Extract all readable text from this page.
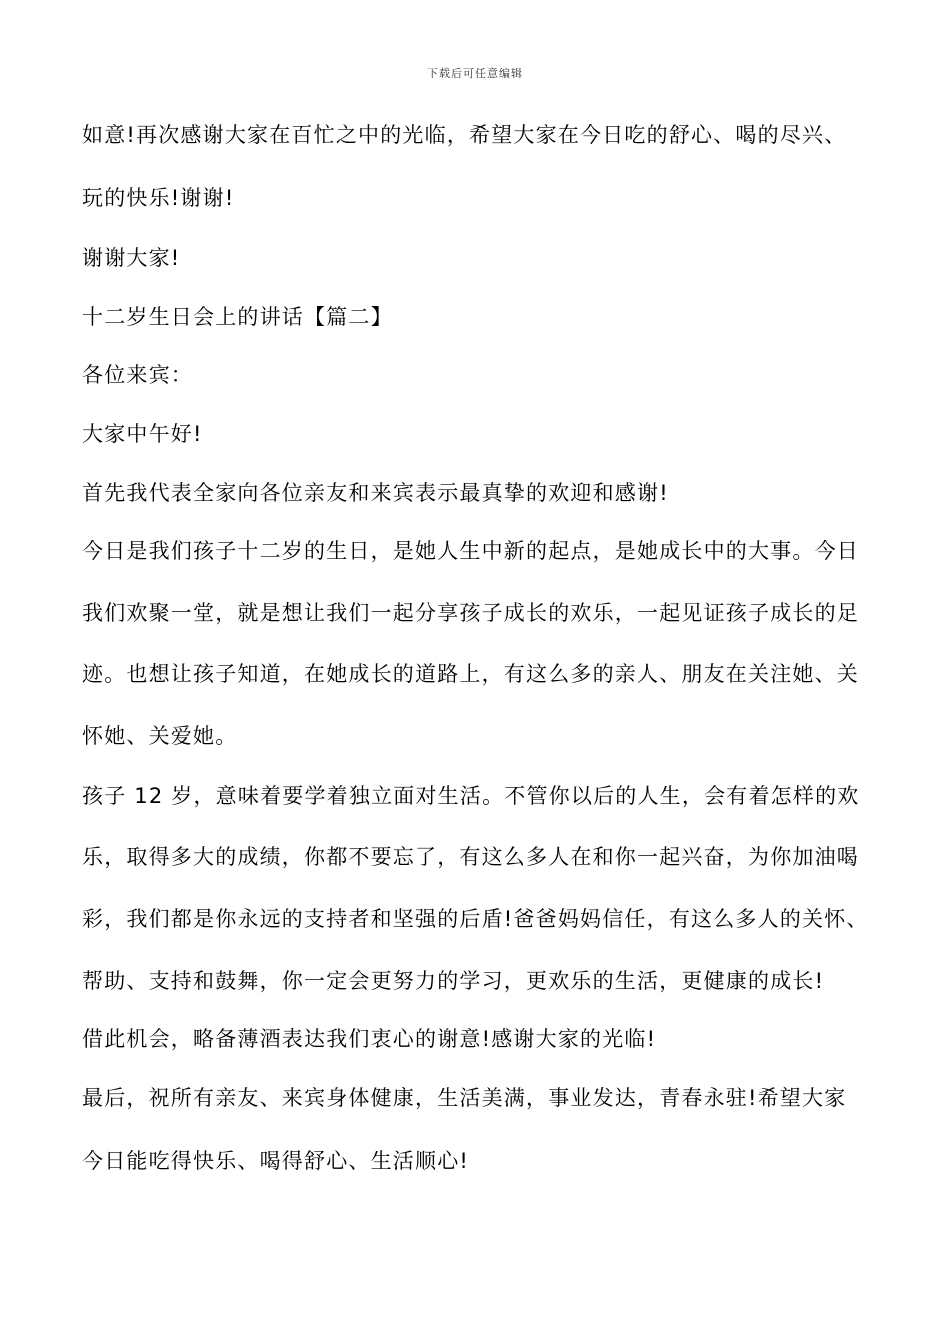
下载后可任意编辑
如意!再次感谢大家在百忙之中的光临，希望大家在今日吃的舒心、喝的尽兴、
玩的快乐!谢谢!
谢谢大家!
十二岁生日会上的讲话【篇二】
各位来宾：
大家中午好!
首先我代表全家向各位亲友和来宾表示最真挚的欢迎和感谢!
今日是我们孩子十二岁的生日，是她人生中新的起点，是她成长中的大事。今日
我们欢聚一堂，就是想让我们一起分享孩子成长的欢乐，一起见证孩子成长的足
迹。也想让孩子知道，在她成长的道路上，有这么多的亲人、朋友在关注她、关
怀她、关爱她。
孩子 12 岁，意味着要学着独立面对生活。不管你以后的人生，会有着怎样的欢
乐，取得多大的成绩，你都不要忘了，有这么多人在和你一起兴奋，为你加油喝
彩，我们都是你永远的支持者和坚强的后盾!爸爸妈妈信任，有这么多人的关怀、
帮助、支持和鼓舞，你一定会更努力的学习，更欢乐的生活，更健康的成长!
借此机会，略备薄酒表达我们衷心的谢意!感谢大家的光临!
最后，祝所有亲友、来宾身体健康，生活美满，事业发达，青春永驻!希望大家
今日能吃得快乐、喝得舒心、生活顺心!
